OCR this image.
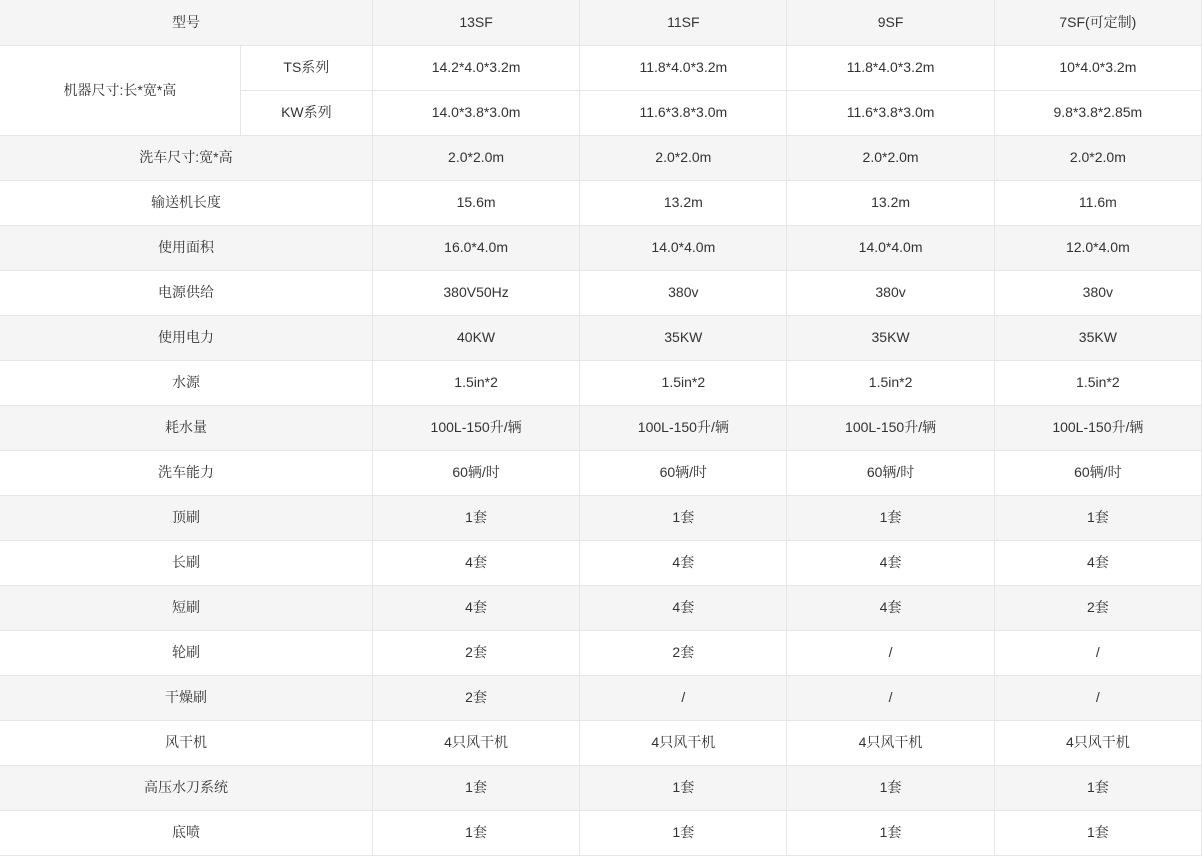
型号		13SF	11SF	9SF	7SF(可定制)
机器尺寸:长*宽*高	TS系列	14.2*4.0*3.2m	11.8*4.0*3.2m	11.8*4.0*3.2m	10*4.0*3.2m
	KW系列	14.0*3.8*3.0m	11.6*3.8*3.0m	11.6*3.8*3.0m	9.8*3.8*2.85m
洗车尺寸:宽*高		2.0*2.0m	2.0*2.0m	2.0*2.0m	2.0*2.0m
输送机长度		15.6m	13.2m	13.2m	11.6m
使用面积		16.0*4.0m	14.0*4.0m	14.0*4.0m	12.0*4.0m
电源供给		380V50Hz	380v	380v	380v
使用电力		40KW	35KW	35KW	35KW
水源		1.5in*2	1.5in*2	1.5in*2	1.5in*2
耗水量		100L-150升/辆	100L-150升/辆	100L-150升/辆	100L-150升/辆
洗车能力		60辆/时	60辆/时	60辆/时	60辆/时
顶刷		1套	1套	1套	1套
长刷		4套	4套	4套	4套
短刷		4套	4套	4套	2套
轮刷		2套	2套	/	/
干燥刷		2套	/	/	/
风干机		4只风干机	4只风干机	4只风干机	4只风干机
高压水刀系统		1套	1套	1套	1套
底喷		1套	1套	1套	1套
